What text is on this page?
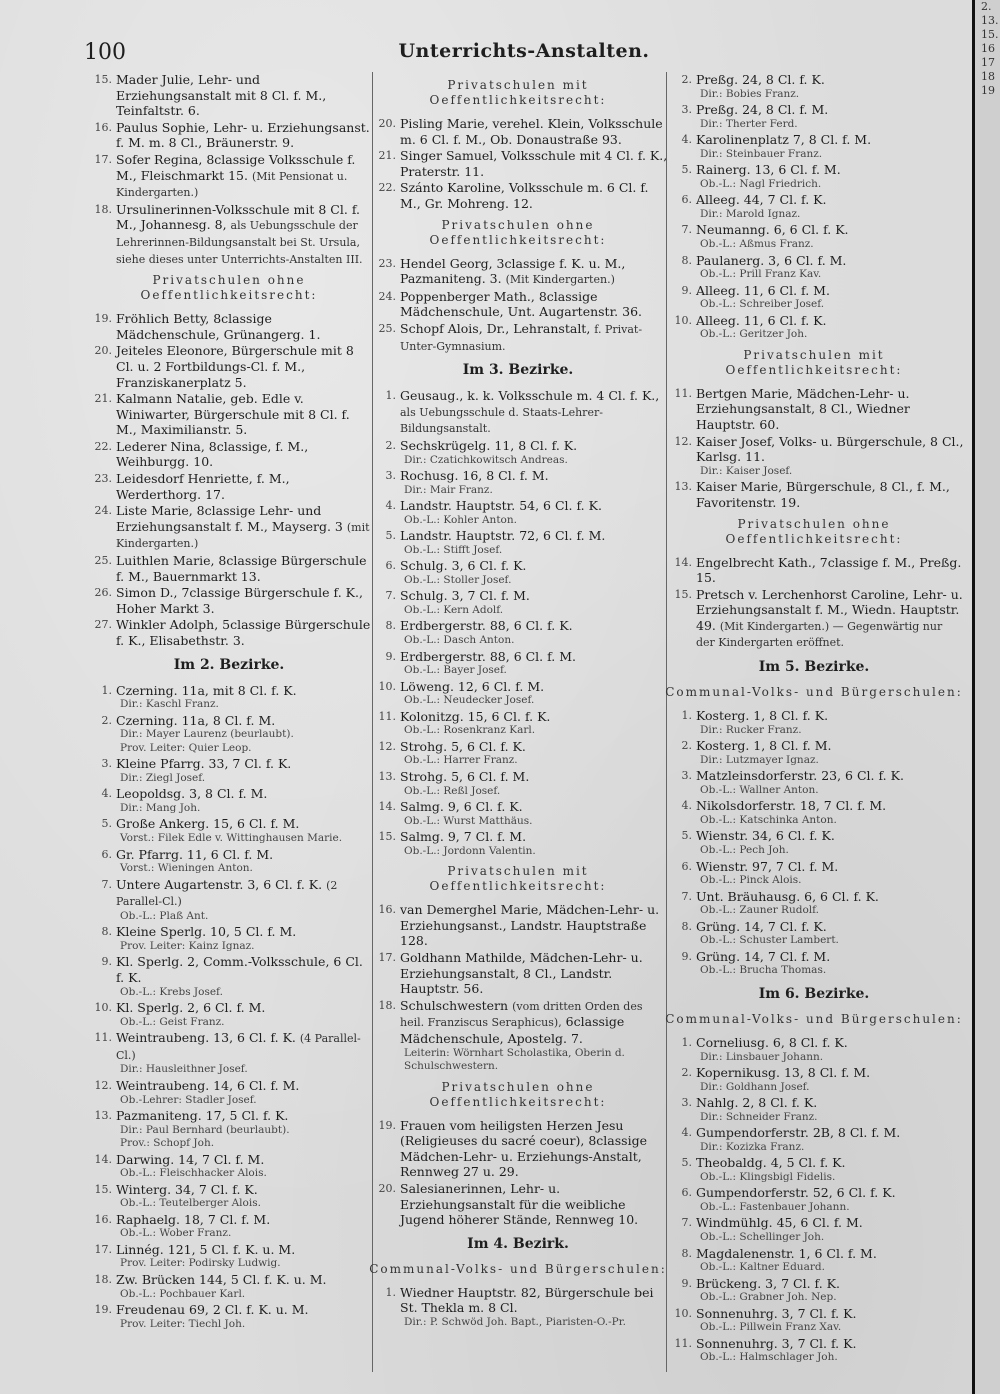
100	Unterrichts-Anstalten.
15. Mader Julie, Lehr- und Erziehungsanstalt mit 8 Cl. f. M., Teinfaltstr. 6.
16. Paulus Sophie, Lehr- u. Erziehungsanst. f. M. m. 8 Cl., Bräunerstr. 9.
17. Sofer Regina, 8classige Volksschule f. M., Fleischmarkt 15. (Mit Pensionat u. Kindergarten.)
18. Ursulinerinnen-Volksschule mit 8 Cl. f. M., Johannesg. 8, als Uebungsschule der Lehrerinnen-Bildungsanstalt bei St. Ursula, siehe dieses unter Unterrichts-Anstalten III.
Privatschulen ohne Oeffentlichkeitsrecht:
19. Fröhlich Betty, 8classige Mädchenschule, Grünangerg. 1.
20. Jeiteles Eleonore, Bürgerschule mit 8 Cl. u. 2 Fortbildungs-Cl. f. M., Franziskanerplatz 5.
21. Kalmann Natalie, geb. Edle v. Winiwarter, Bürgerschule mit 8 Cl. f. M., Maximilianstr. 5.
22. Lederer Nina, 8classige, f. M., Weihburgg. 10.
23. Leidesdorf Henriette, f. M., Werderthorg. 17.
24. Liste Marie, 8classige Lehr- und Erziehungsanstalt f. M., Mayserg. 3 (mit Kindergarten.)
25. Luithlen Marie, 8classige Bürgerschule f. M., Bauernmarkt 13.
26. Simon D., 7classige Bürgerschule f. K., Hoher Markt 3.
27. Winkler Adolph, 5classige Bürgerschule f. K., Elisabethstr. 3.
Im 2. Bezirke.
1. Czerning. 11a, mit 8 Cl. f. K.
Dir.: Kaschl Franz.
2. Czerning. 11a, 8 Cl. f. M.
Dir.: Mayer Laurenz (beurlaubt).
Prov. Leiter: Quier Leop.
3. Kleine Pfarrg. 33, 7 Cl. f. K.
Dir.: Ziegl Josef.
4. Leopoldsg. 3, 8 Cl. f. M.
Dir.: Mang Joh.
5. Große Ankerg. 15, 6 Cl. f. M.
Vorst.: Filek Edle v. Wittinghausen Marie.
6. Gr. Pfarrg. 11, 6 Cl. f. M.
Vorst.: Wieningen Anton.
7. Untere Augartenstr. 3, 6 Cl. f. K. (2 Parallel-Cl.)
Ob.-L.: Plaß Ant.
8. Kleine Sperlg. 10, 5 Cl. f. M.
Prov. Leiter: Kainz Ignaz.
9. Kl. Sperlg. 2, Comm.-Volksschule, 6 Cl. f. K.
Ob.-L.: Krebs Josef.
10. Kl. Sperlg. 2, 6 Cl. f. M.
Ob.-L.: Geist Franz.
11. Weintraubeng. 13, 6 Cl. f. K. (4 Parallel-Cl.)
Dir.: Hausleithner Josef.
12. Weintraubeng. 14, 6 Cl. f. M.
Ob.-Lehrer: Stadler Josef.
13. Pazmaniteng. 17, 5 Cl. f. K.
Dir.: Paul Bernhard (beurlaubt).
Prov.: Schopf Joh.
14. Darwing. 14, 7 Cl. f. M.
Ob.-L.: Fleischhacker Alois.
15. Winterg. 34, 7 Cl. f. K.
Ob.-L.: Teutelberger Alois.
16. Raphaelg. 18, 7 Cl. f. M.
Ob.-L.: Wober Franz.
17. Linnég. 121, 5 Cl. f. K. u. M.
Prov. Leiter: Podirsky Ludwig.
18. Zw. Brücken 144, 5 Cl. f. K. u. M.
Ob.-L.: Pochbauer Karl.
19. Freudenau 69, 2 Cl. f. K. u. M.
Prov. Leiter: Tiechl Joh.
Privatschulen mit Oeffentlichkeitsrecht:
20. Pisling Marie, verehel. Klein, Volksschule m. 6 Cl. f. M., Ob. Donaustraße 93.
21. Singer Samuel, Volksschule mit 4 Cl. f. K., Praterstr. 11.
22. Szánto Karoline, Volksschule m. 6 Cl. f. M., Gr. Mohreng. 12.
Privatschulen ohne Oeffentlichkeitsrecht:
23. Hendel Georg, 3classige f. K. u. M., Pazmaniteng. 3. (Mit Kindergarten.)
24. Poppenberger Math., 8classige Mädchenschule, Unt. Augartenstr. 36.
25. Schopf Alois, Dr., Lehranstalt, f. Privat-Unter-Gymnasium.
Im 3. Bezirke.
1. Geusaug., k. k. Volksschule m. 4 Cl. f. K., als Uebungsschule d. Staats-Lehrer-Bildungsanstalt.
2. Sechskrügelg. 11, 8 Cl. f. K.
Dir.: Czatichkowitsch Andreas.
3. Rochusg. 16, 8 Cl. f. M.
Dir.: Mair Franz.
4. Landstr. Hauptstr. 54, 6 Cl. f. K.
Ob.-L.: Kohler Anton.
5. Landstr. Hauptstr. 72, 6 Cl. f. M.
Ob.-L.: Stifft Josef.
6. Schulg. 3, 6 Cl. f. K.
Ob.-L.: Stoller Josef.
7. Schulg. 3, 7 Cl. f. M.
Ob.-L.: Kern Adolf.
8. Erdbergerstr. 88, 6 Cl. f. K.
Ob.-L.: Dasch Anton.
9. Erdbergerstr. 88, 6 Cl. f. M.
Ob.-L.: Bayer Josef.
10. Löweng. 12, 6 Cl. f. M.
Ob.-L.: Neudecker Josef.
11. Kolonitzg. 15, 6 Cl. f. K.
Ob.-L.: Rosenkranz Karl.
12. Strohg. 5, 6 Cl. f. K.
Ob.-L.: Harrer Franz.
13. Strohg. 5, 6 Cl. f. M.
Ob.-L.: Reßl Josef.
14. Salmg. 9, 6 Cl. f. K.
Ob.-L.: Wurst Matthäus.
15. Salmg. 9, 7 Cl. f. M.
Ob.-L.: Jordonn Valentin.
Privatschulen mit Oeffentlichkeitsrecht:
16. van Demerghel Marie, Mädchen-Lehr- u. Erziehungsanst., Landstr. Hauptstraße 128.
17. Goldhann Mathilde, Mädchen-Lehr- u. Erziehungsanstalt, 8 Cl., Landstr. Hauptstr. 56.
18. Schulschwestern (vom dritten Orden des heil. Franziscus Seraphicus), 6classige Mädchenschule, Apostelg. 7.
Leiterin: Wörnhart Scholastika, Oberin d. Schulschwestern.
Privatschulen ohne Oeffentlichkeitsrecht:
19. Frauen vom heiligsten Herzen Jesu (Religieuses du sacré coeur), 8classige Mädchen-Lehr- u. Erziehungs-Anstalt, Rennweg 27 u. 29.
20. Salesianerinnen, Lehr- u. Erziehungsanstalt für die weibliche Jugend höherer Stände, Rennweg 10.
Im 4. Bezirk.
Communal-Volks- und Bürgerschulen:
1. Wiedner Hauptstr. 82, Bürgerschule bei St. Thekla m. 8 Cl.
Dir.: P. Schwöd Joh. Bapt., Piaristen-O.-Pr.
2. Preßg. 24, 8 Cl. f. K.
Dir.: Bobies Franz.
3. Preßg. 24, 8 Cl. f. M.
Dir.: Therter Ferd.
4. Karolinenplatz 7, 8 Cl. f. M.
Dir.: Steinbauer Franz.
5. Rainerg. 13, 6 Cl. f. M.
Ob.-L.: Nagl Friedrich.
6. Alleeg. 44, 7 Cl. f. K.
Dir.: Marold Ignaz.
7. Neumanng. 6, 6 Cl. f. K.
Ob.-L.: Aßmus Franz.
8. Paulanerg. 3, 6 Cl. f. M.
Ob.-L.: Prill Franz Kav.
9. Alleeg. 11, 6 Cl. f. M.
Ob.-L.: Schreiber Josef.
10. Alleeg. 11, 6 Cl. f. K.
Ob.-L.: Geritzer Joh.
Privatschulen mit Oeffentlichkeitsrecht:
11. Bertgen Marie, Mädchen-Lehr- u. Erziehungsanstalt, 8 Cl., Wiedner Hauptstr. 60.
12. Kaiser Josef, Volks- u. Bürgerschule, 8 Cl., Karlsg. 11.
Dir.: Kaiser Josef.
13. Kaiser Marie, Bürgerschule, 8 Cl., f. M., Favoritenstr. 19.
Privatschulen ohne Oeffentlichkeitsrecht:
14. Engelbrecht Kath., 7classige f. M., Preßg. 15.
15. Pretsch v. Lerchenhorst Caroline, Lehr- u. Erziehungsanstalt f. M., Wiedn. Hauptstr. 49. (Mit Kindergarten.) — Gegenwärtig nur der Kindergarten eröffnet.
Im 5. Bezirke.
Communal-Volks- und Bürgerschulen:
1. Kosterg. 1, 8 Cl. f. K.
Dir.: Rucker Franz.
2. Kosterg. 1, 8 Cl. f. M.
Dir.: Lutzmayer Ignaz.
3. Matzleinsdorferstr. 23, 6 Cl. f. K.
Ob.-L.: Wallner Anton.
4. Nikolsdorferstr. 18, 7 Cl. f. M.
Ob.-L.: Katschinka Anton.
5. Wienstr. 34, 6 Cl. f. K.
Ob.-L.: Pech Joh.
6. Wienstr. 97, 7 Cl. f. M.
Ob.-L.: Pinck Alois.
7. Unt. Bräuhausg. 6, 6 Cl. f. K.
Ob.-L.: Zauner Rudolf.
8. Grüng. 14, 7 Cl. f. K.
Ob.-L.: Schuster Lambert.
9. Grüng. 14, 7 Cl. f. M.
Ob.-L.: Brucha Thomas.
Im 6. Bezirke.
Communal-Volks- und Bürgerschulen:
1. Corneliusg. 6, 8 Cl. f. K.
Dir.: Linsbauer Johann.
2. Kopernikusg. 13, 8 Cl. f. M.
Dir.: Goldhann Josef.
3. Nahlg. 2, 8 Cl. f. K.
Dir.: Schneider Franz.
4. Gumpendorferstr. 2B, 8 Cl. f. M.
Dir.: Kozizka Franz.
5. Theobaldg. 4, 5 Cl. f. K.
Ob.-L.: Klingsbigl Fidelis.
6. Gumpendorferstr. 52, 6 Cl. f. K.
Ob.-L.: Fastenbauer Johann.
7. Windmühlg. 45, 6 Cl. f. M.
Ob.-L.: Schellinger Joh.
8. Magdalenenstr. 1, 6 Cl. f. M.
Ob.-L.: Kaltner Eduard.
9. Brückeng. 3, 7 Cl. f. K.
Ob.-L.: Grabner Joh. Nep.
10. Sonnenuhrg. 3, 7 Cl. f. K.
Ob.-L.: Pillwein Franz Xav.
11. Sonnenuhrg. 3, 7 Cl. f. K.
Ob.-L.: Halmschlager Joh.
2.
13.
15.
16
17
18
19
